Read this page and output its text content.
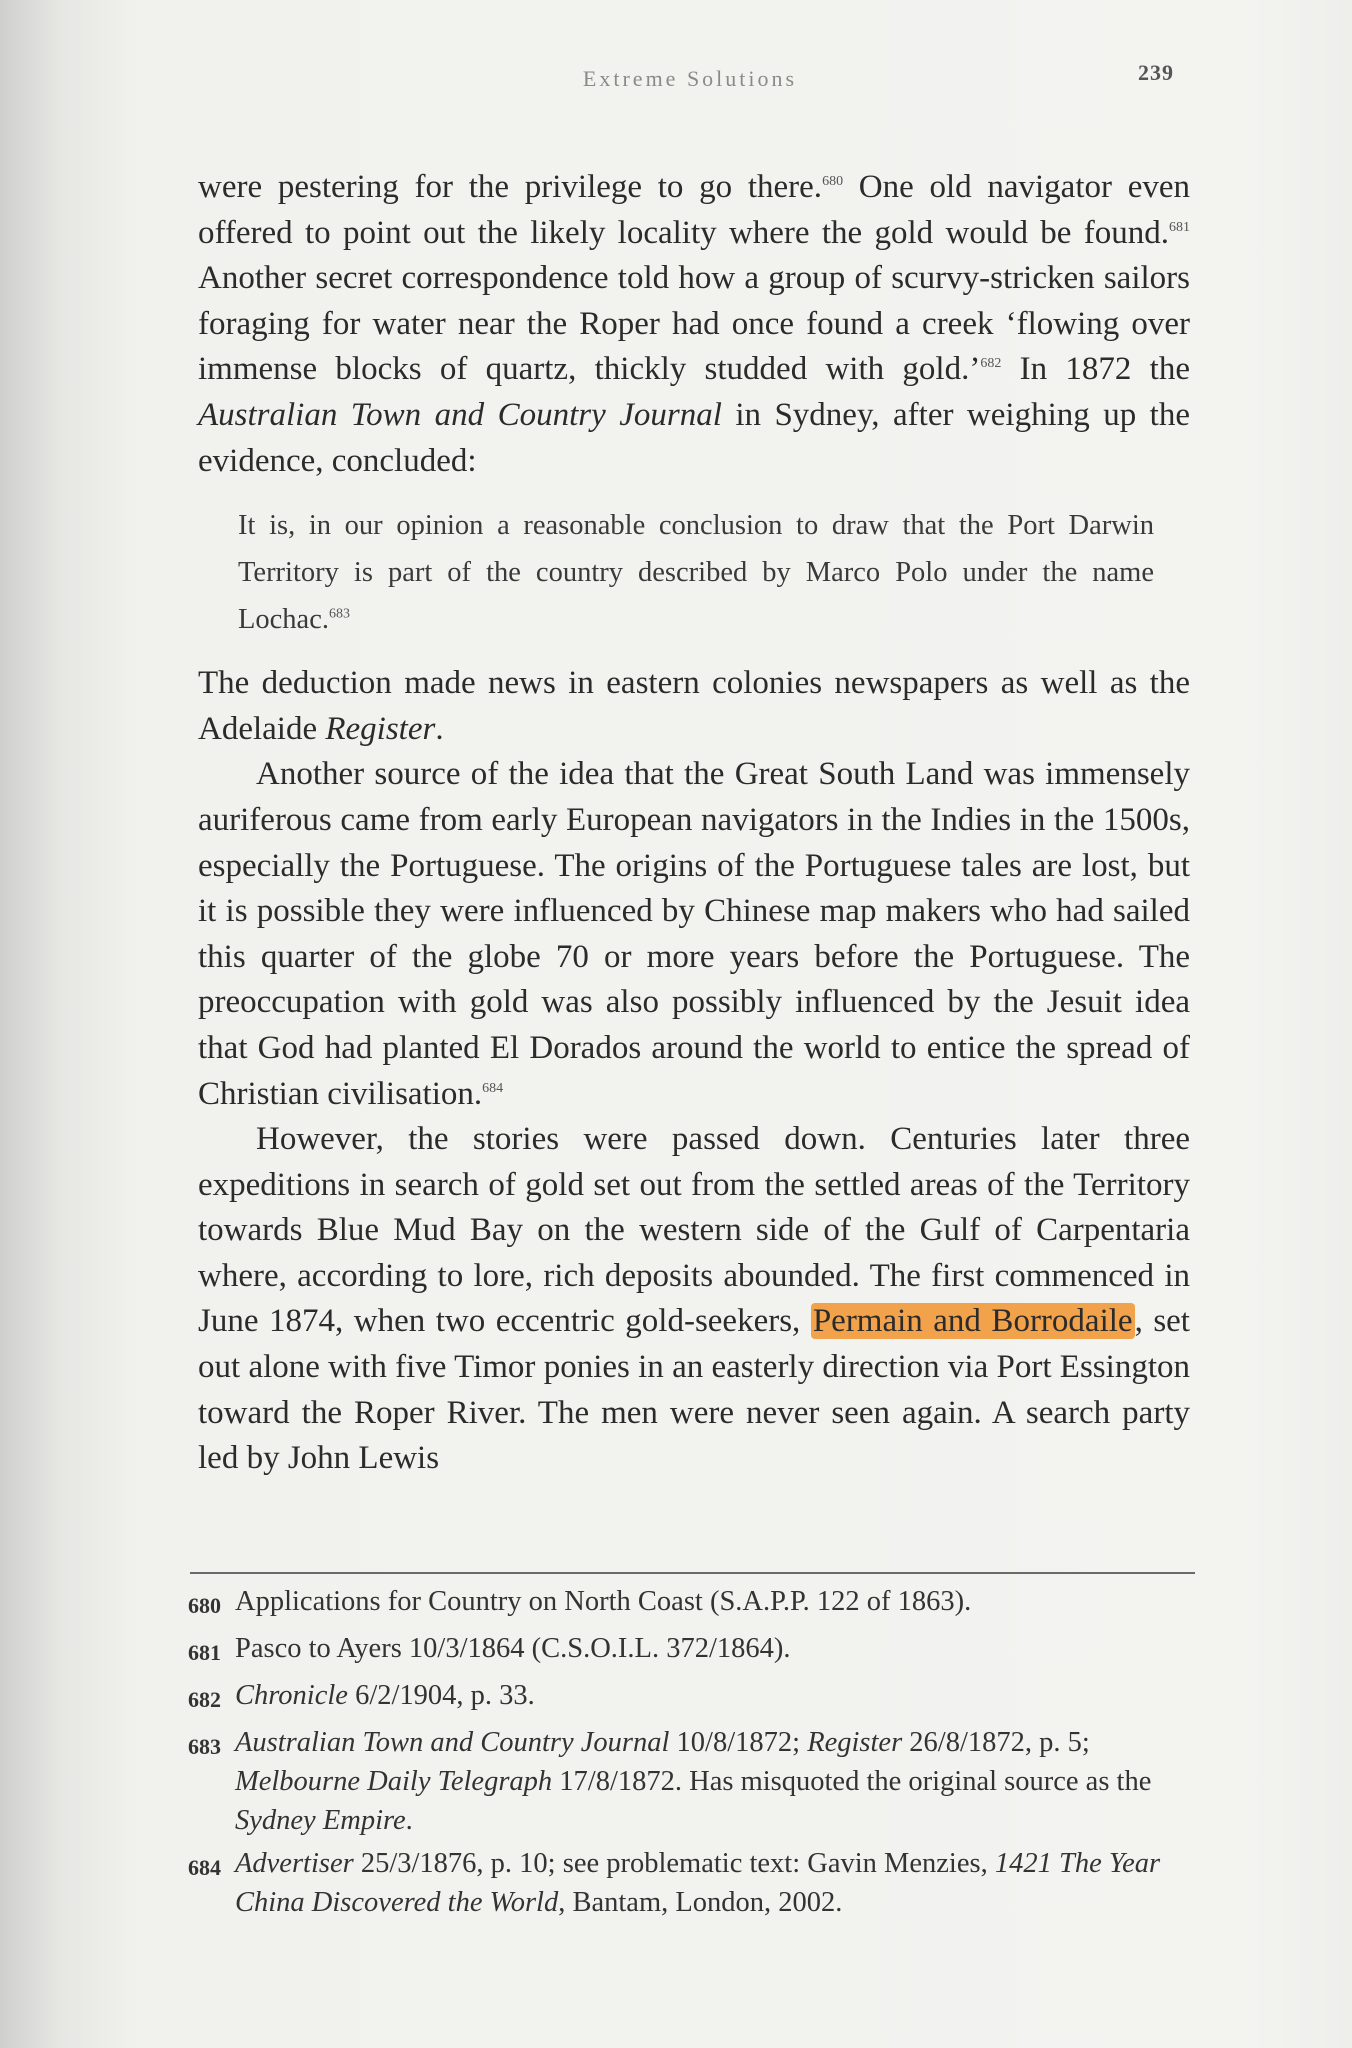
Extreme Solutions	239

were pestering for the privilege to go there.$^{680}$ One old navigator even offered to point out the likely locality where the gold would be found.$^{681}$ Another secret correspondence told how a group of scurvy-stricken sailors foraging for water near the Roper had once found a creek ‘flowing over immense blocks of quartz, thickly studded with gold.’$^{682}$ In 1872 the Australian Town and Country Journal in Sydney, after weighing up the evidence, concluded:

It is, in our opinion a reasonable conclusion to draw that the Port Darwin Territory is part of the country described by Marco Polo under the name Lochac.$^{683}$

The deduction made news in eastern colonies newspapers as well as the Adelaide Register.

Another source of the idea that the Great South Land was immensely auriferous came from early European navigators in the Indies in the 1500s, especially the Portuguese. The origins of the Portuguese tales are lost, but it is possible they were influenced by Chinese map makers who had sailed this quarter of the globe 70 or more years before the Portuguese. The preoccupation with gold was also possibly influenced by the Jesuit idea that God had planted El Dorados around the world to entice the spread of Christian civilisation.$^{684}$

However, the stories were passed down. Centuries later three expeditions in search of gold set out from the settled areas of the Territory towards Blue Mud Bay on the western side of the Gulf of Carpentaria where, according to lore, rich deposits abounded. The first commenced in June 1874, when two eccentric gold-seekers, Permain and Borrodaile, set out alone with five Timor ponies in an easterly direction via Port Essington toward the Roper River. The men were never seen again. A search party led by John Lewis

680 Applications for Country on North Coast (S.A.P.P. 122 of 1863).
681 Pasco to Ayers 10/3/1864 (C.S.O.I.L. 372/1864).
682 Chronicle 6/2/1904, p. 33.
683 Australian Town and Country Journal 10/8/1872; Register 26/8/1872, p. 5; Melbourne Daily Telegraph 17/8/1872. Has misquoted the original source as the Sydney Empire.
684 Advertiser 25/3/1876, p. 10; see problematic text: Gavin Menzies, 1421 The Year China Discovered the World, Bantam, London, 2002.
